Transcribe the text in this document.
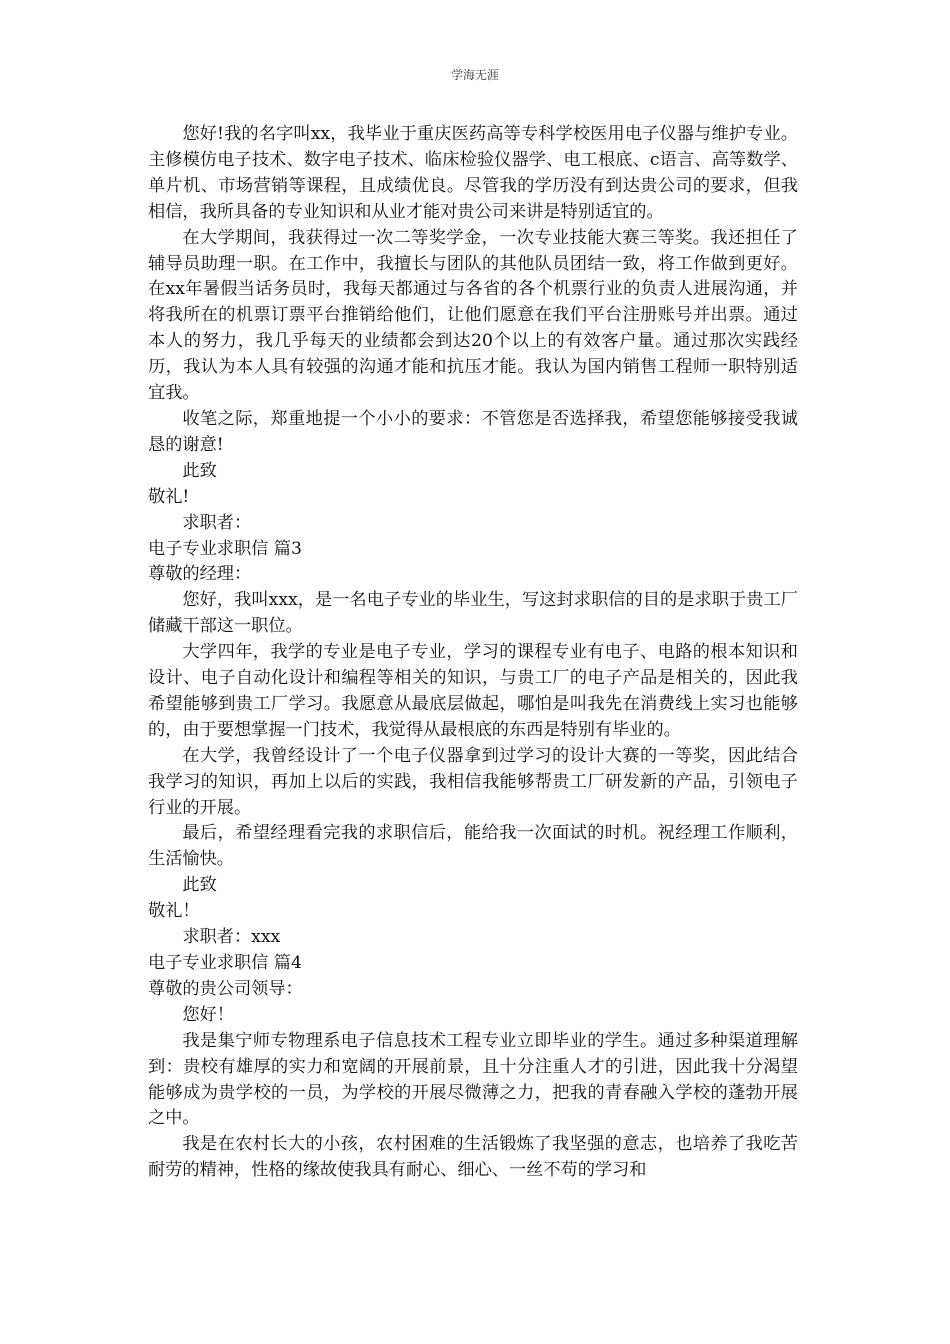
学海无涯

您好!我的名字叫xx，我毕业于重庆医药高等专科学校医用电子仪器与维护专业。主修模仿电子技术、数字电子技术、临床检验仪器学、电工根底、c语言、高等数学、单片机、市场营销等课程，且成绩优良。尽管我的学历没有到达贵公司的要求，但我相信，我所具备的专业知识和从业才能对贵公司来讲是特别适宜的。

在大学期间，我获得过一次二等奖学金，一次专业技能大赛三等奖。我还担任了辅导员助理一职。在工作中，我擅长与团队的其他队员团结一致，将工作做到更好。在xx年暑假当话务员时，我每天都通过与各省的各个机票行业的负责人进展沟通，并将我所在的机票订票平台推销给他们，让他们愿意在我们平台注册账号并出票。通过本人的努力，我几乎每天的业绩都会到达20个以上的有效客户量。通过那次实践经历，我认为本人具有较强的沟通才能和抗压才能。我认为国内销售工程师一职特别适宜我。

收笔之际，郑重地提一个小小的要求：不管您是否选择我，希望您能够接受我诚恳的谢意!

此致

敬礼!

求职者：

电子专业求职信 篇3

尊敬的经理：

您好，我叫xxx，是一名电子专业的毕业生，写这封求职信的目的是求职于贵工厂储藏干部这一职位。

大学四年，我学的专业是电子专业，学习的课程专业有电子、电路的根本知识和设计、电子自动化设计和编程等相关的知识，与贵工厂的电子产品是相关的，因此我希望能够到贵工厂学习。我愿意从最底层做起，哪怕是叫我先在消费线上实习也能够的，由于要想掌握一门技术，我觉得从最根底的东西是特别有毕业的。

在大学，我曾经设计了一个电子仪器拿到过学习的设计大赛的一等奖，因此结合我学习的知识，再加上以后的实践，我相信我能够帮贵工厂研发新的产品，引领电子行业的开展。

最后，希望经理看完我的求职信后，能给我一次面试的时机。祝经理工作顺利，生活愉快。

此致

敬礼！

求职者：xxx

电子专业求职信 篇4

尊敬的贵公司领导：

您好！

我是集宁师专物理系电子信息技术工程专业立即毕业的学生。通过多种渠道理解到：贵校有雄厚的实力和宽阔的开展前景，且十分注重人才的引进，因此我十分渴望能够成为贵学校的一员，为学校的开展尽微薄之力，把我的青春融入学校的蓬勃开展之中。

我是在农村长大的小孩，农村困难的生活锻炼了我坚强的意志，也培养了我吃苦耐劳的精神，性格的缘故使我具有耐心、细心、一丝不苟的学习和
